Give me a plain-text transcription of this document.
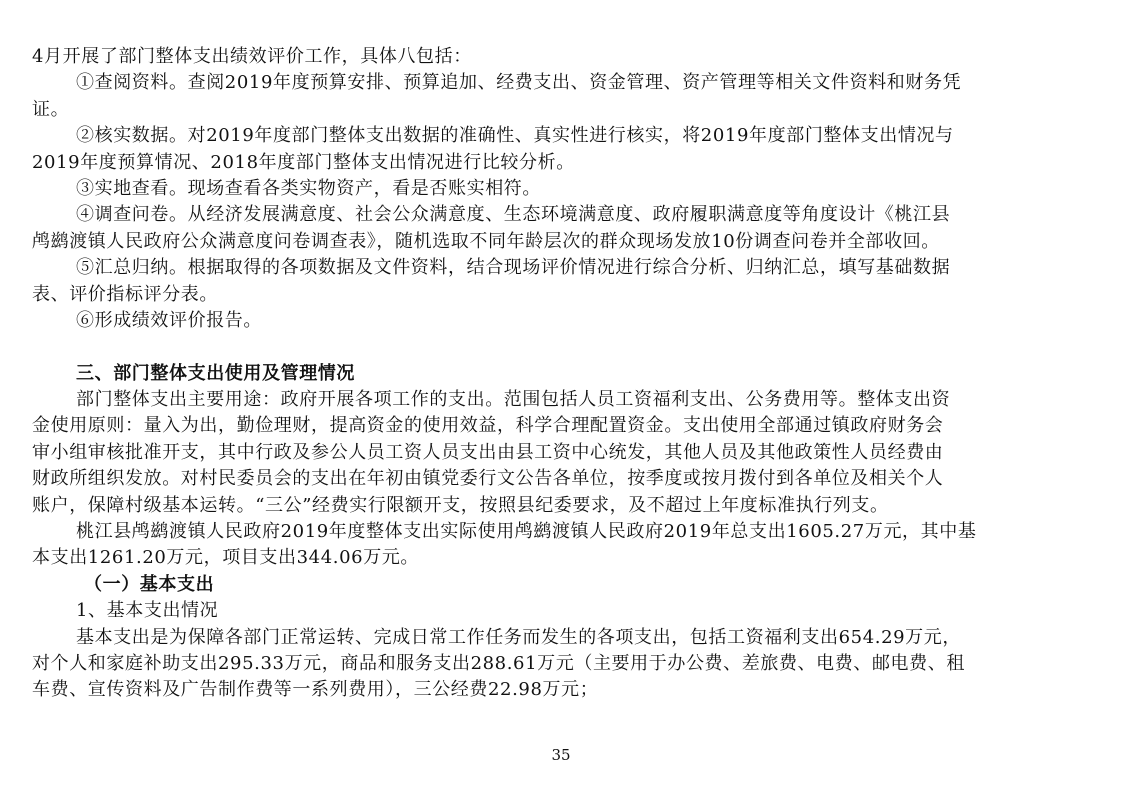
4月开展了部门整体支出绩效评价工作，具体八包括：
①查阅资料。查阅2019年度预算安排、预算追加、经费支出、资金管理、资产管理等相关文件资料和财务凭
证。
②核实数据。对2019年度部门整体支出数据的准确性、真实性进行核实，将2019年度部门整体支出情况与
2019年度预算情况、2018年度部门整体支出情况进行比较分析。
③实地查看。现场查看各类实物资产，看是否账实相符。
④调查问卷。从经济发展满意度、社会公众满意度、生态环境满意度、政府履职满意度等角度设计《桃江县
鸬鹚渡镇人民政府公众满意度问卷调查表》，随机选取不同年龄层次的群众现场发放10份调查问卷并全部收回。
⑤汇总归纳。根据取得的各项数据及文件资料，结合现场评价情况进行综合分析、归纳汇总，填写基础数据
表、评价指标评分表。
⑥形成绩效评价报告。
三、部门整体支出使用及管理情况
部门整体支出主要用途：政府开展各项工作的支出。范围包括人员工资福利支出、公务费用等。整体支出资
金使用原则：量入为出，勤俭理财，提高资金的使用效益，科学合理配置资金。支出使用全部通过镇政府财务会
审小组审核批准开支，其中行政及参公人员工资人员支出由县工资中心统发，其他人员及其他政策性人员经费由
财政所组织发放。对村民委员会的支出在年初由镇党委行文公告各单位，按季度或按月拨付到各单位及相关个人
账户，保障村级基本运转。“三公”经费实行限额开支，按照县纪委要求，及不超过上年度标准执行列支。
桃江县鸬鹚渡镇人民政府2019年度整体支出实际使用鸬鹚渡镇人民政府2019年总支出1605.27万元，其中基
本支出1261.20万元，项目支出344.06万元。
（一）基本支出
1、基本支出情况
基本支出是为保障各部门正常运转、完成日常工作任务而发生的各项支出，包括工资福利支出654.29万元，
对个人和家庭补助支出295.33万元，商品和服务支出288.61万元（主要用于办公费、差旅费、电费、邮电费、租
车费、宣传资料及广告制作费等一系列费用），三公经费22.98万元；
35
